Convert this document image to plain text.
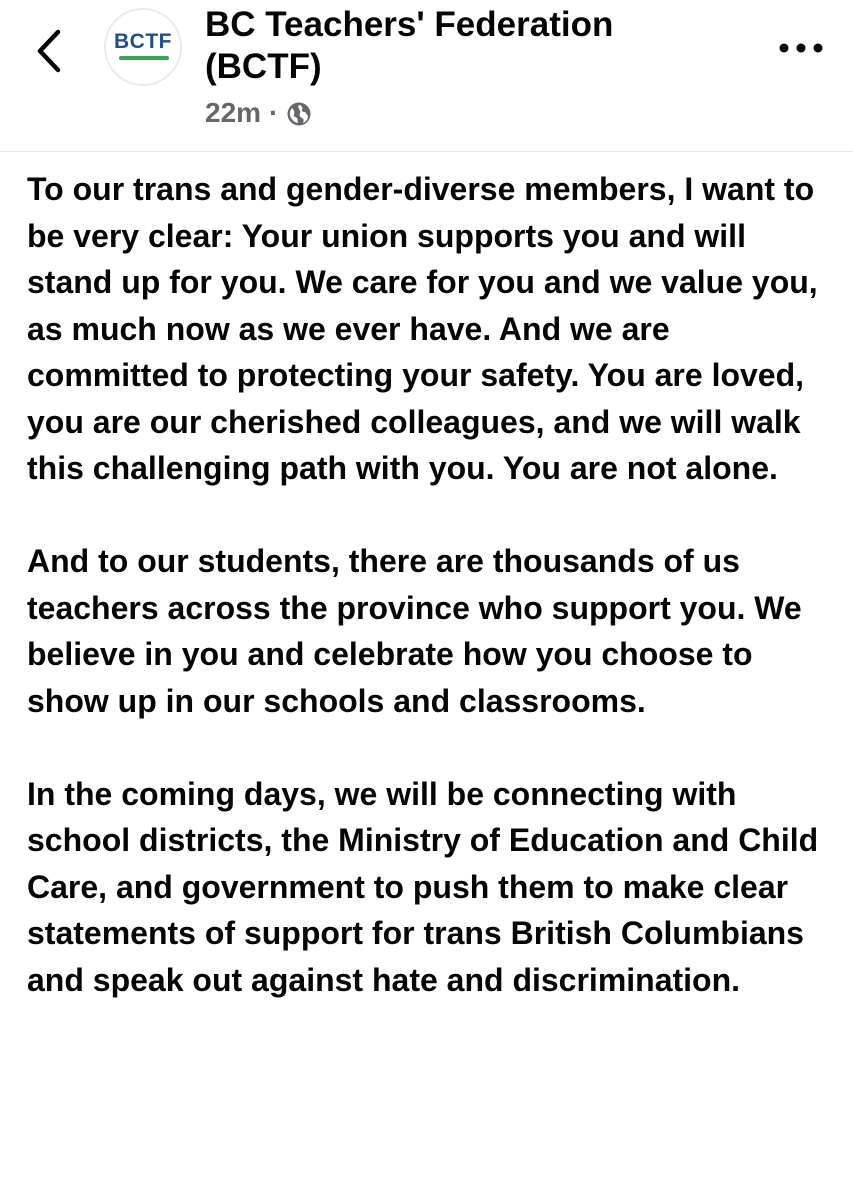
BCTF BC Teachers' Federation (BCTF)
22m ·

To our trans and gender-diverse members, I want to be very clear: Your union supports you and will stand up for you. We care for you and we value you, as much now as we ever have. And we are committed to protecting your safety. You are loved, you are our cherished colleagues, and we will walk this challenging path with you. You are not alone.

And to our students, there are thousands of us teachers across the province who support you. We believe in you and celebrate how you choose to show up in our schools and classrooms.

In the coming days, we will be connecting with school districts, the Ministry of Education and Child Care, and government to push them to make clear statements of support for trans British Columbians and speak out against hate and discrimination.
